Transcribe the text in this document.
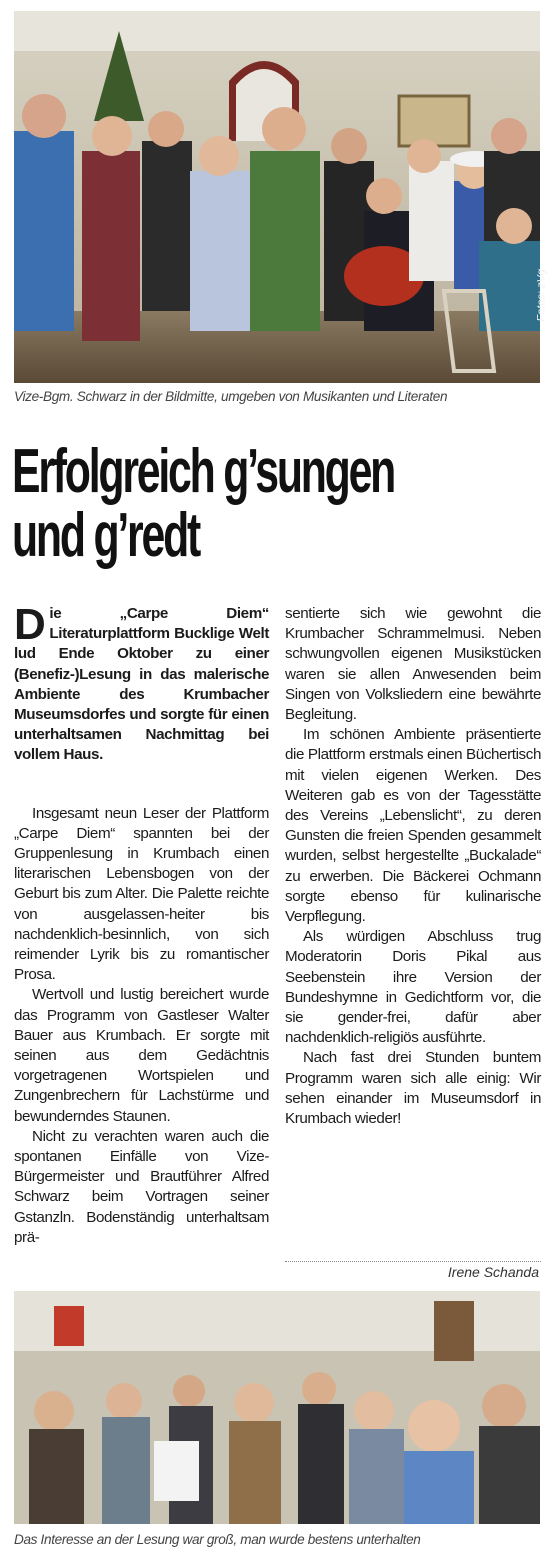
Fotos: zVg
Vize-Bgm. Schwarz in der Bildmitte, umgeben von Musikanten und Literaten
Erfolgreich g’sungen
und g’redt

Die „Carpe Diem“ Literaturplattform Bucklige Welt lud Ende Oktober zu einer (Benefiz-)Lesung in das malerische Ambiente des Krumbacher Museumsdorfes und sorgte für einen unterhaltsamen Nachmittag bei vollem Haus.

Insgesamt neun Leser der Plattform „Carpe Diem“ spannten bei der Gruppenlesung in Krumbach einen literarischen Lebensbogen von der Geburt bis zum Alter. Die Palette reichte von ausgelassen-heiter bis nachdenklich-besinnlich, von sich reimender Lyrik bis zu romantischer Prosa.

Wertvoll und lustig bereichert wurde das Programm von Gastleser Walter Bauer aus Krumbach. Er sorgte mit seinen aus dem Gedächtnis vorgetragenen Wortspielen und Zungenbrechern für Lachstürme und bewunderndes Staunen.

Nicht zu verachten waren auch die spontanen Einfälle von Vize-Bürgermeister und Brautführer Alfred Schwarz beim Vortragen seiner Gstanzln. Bodenständig unterhaltsam prä-

sentierte sich wie gewohnt die Krumbacher Schrammelmusi. Neben schwungvollen eigenen Musikstücken waren sie allen Anwesenden beim Singen von Volksliedern eine bewährte Begleitung.

Im schönen Ambiente präsentierte die Plattform erstmals einen Büchertisch mit vielen eigenen Werken. Des Weiteren gab es von der Tagesstätte des Vereins „Lebenslicht“, zu deren Gunsten die freien Spenden gesammelt wurden, selbst hergestellte „Buckalade“ zu erwerben. Die Bäckerei Ochmann sorgte ebenso für kulinarische Verpflegung.

Als würdigen Abschluss trug Moderatorin Doris Pikal aus Seebenstein ihre Version der Bundeshymne in Gedichtform vor, die sie gender-frei, dafür aber nachdenklich-religiös ausführte.

Nach fast drei Stunden buntem Programm waren sich alle einig: Wir sehen einander im Museumsdorf in Krumbach wieder!

Irene Schanda
Das Interesse an der Lesung war groß, man wurde bestens unterhalten
